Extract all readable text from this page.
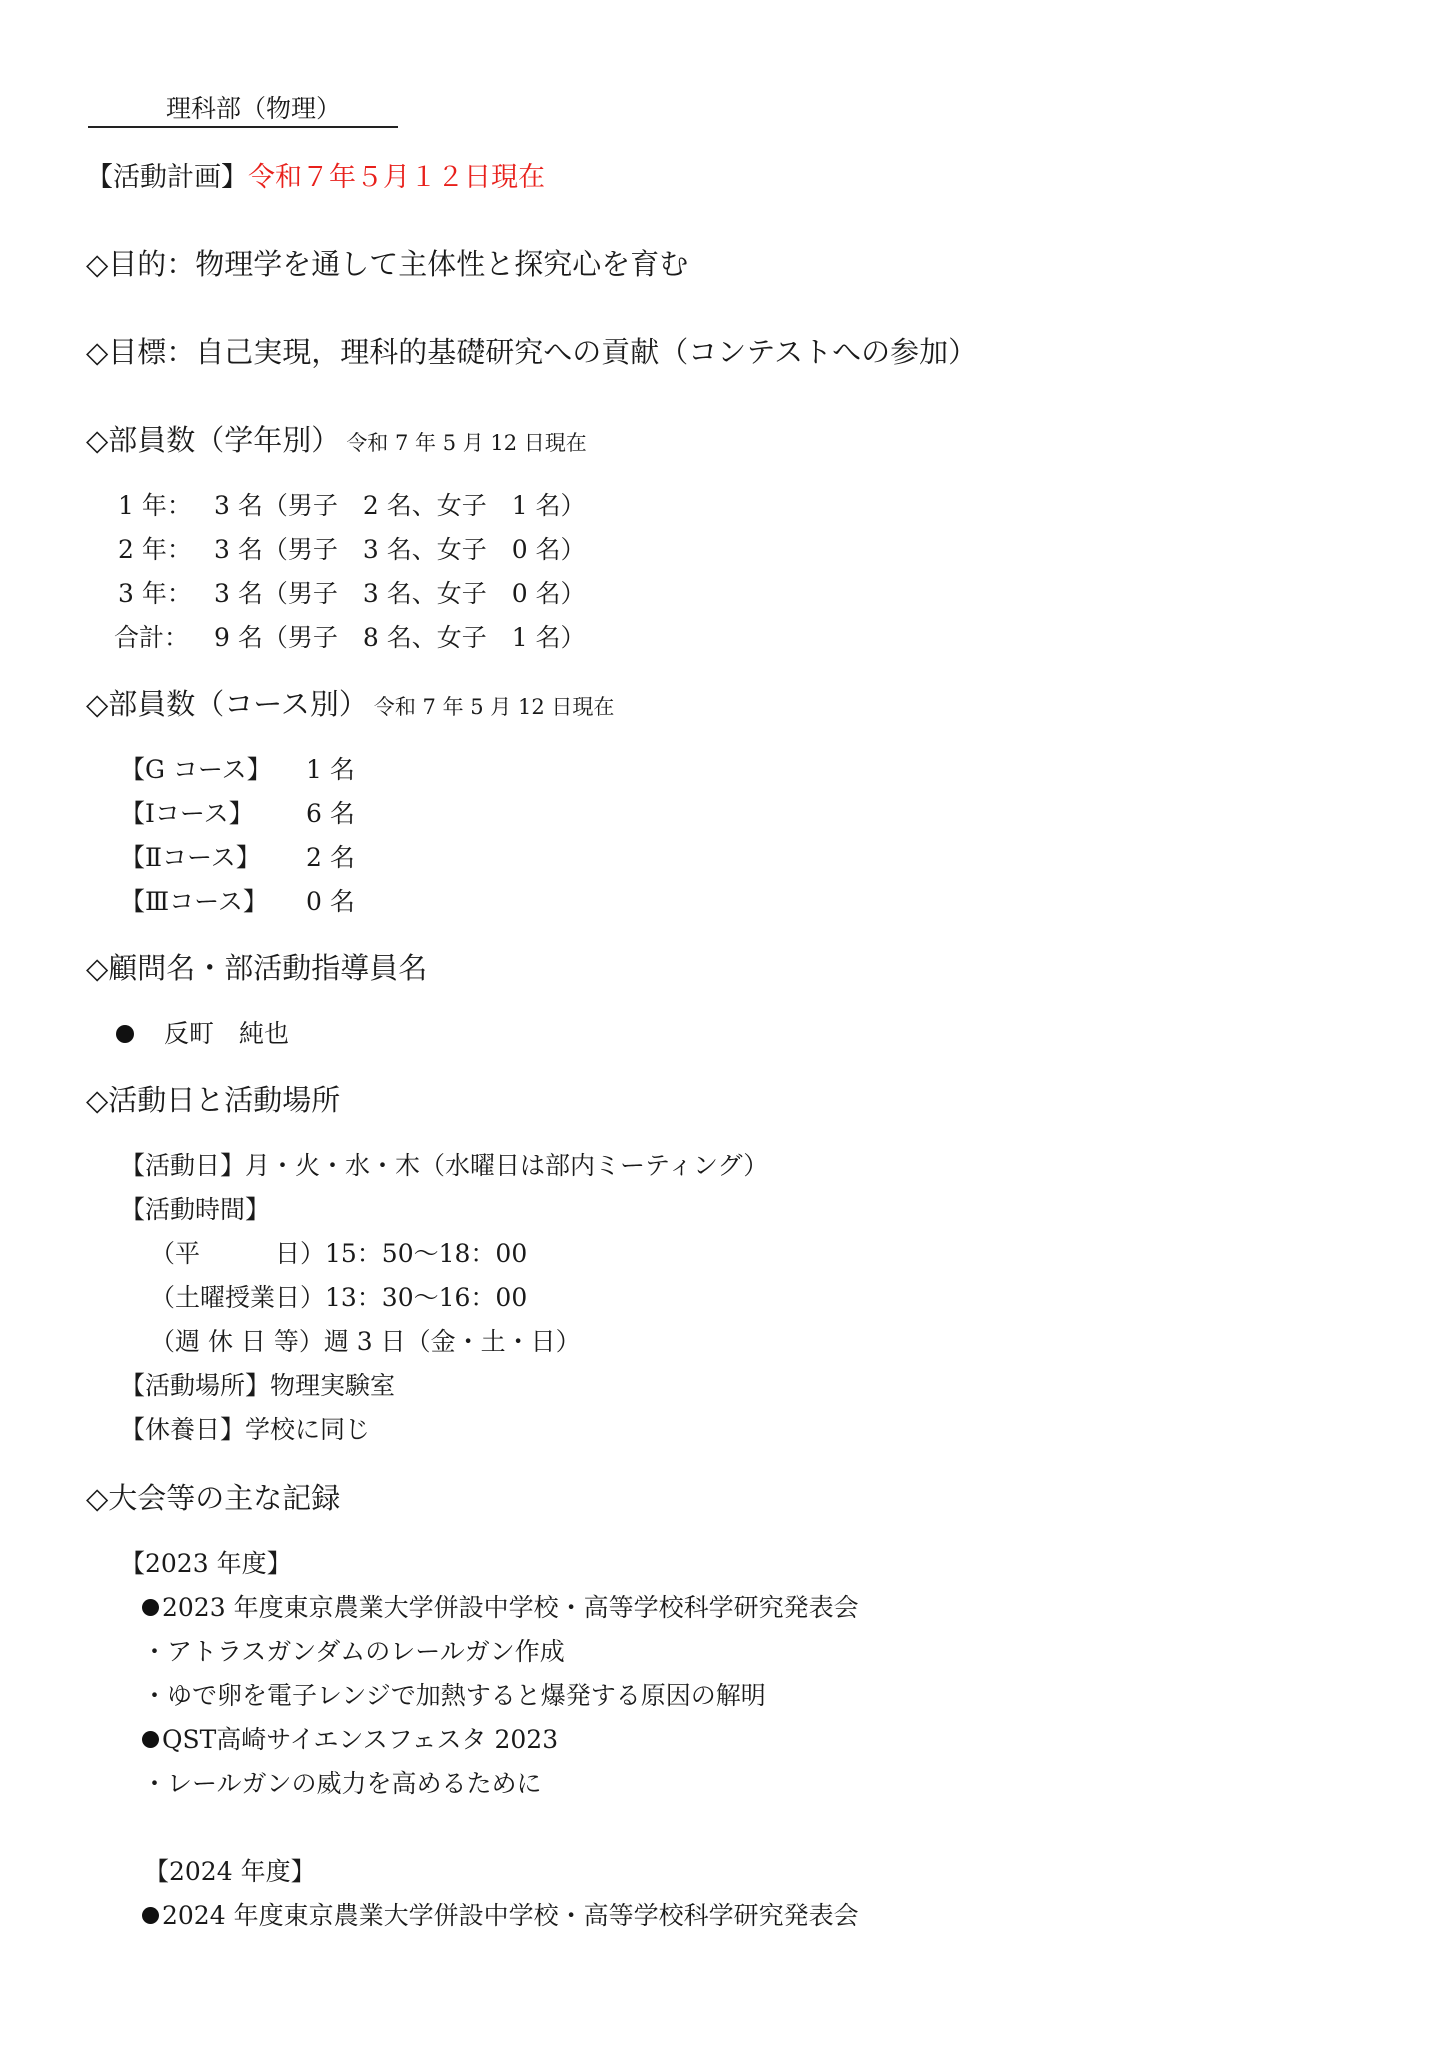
理科部（物理）
【活動計画】令和７年５月１２日現在
◇目的：物理学を通して主体性と探究心を育む
◇目標：自己実現，理科的基礎研究への貢献（コンテストへの参加）
◇部員数（学年別） 令和 7 年 5 月 12 日現在
1 年： 3 名（男子　2 名、女子　1 名）
2 年： 3 名（男子　3 名、女子　0 名）
3 年： 3 名（男子　3 名、女子　0 名）
合計： 9 名（男子　8 名、女子　1 名）
◇部員数（コース別） 令和 7 年 5 月 12 日現在
【G コース】 1 名
【Ⅰコース】 6 名
【Ⅱコース】 2 名
【Ⅲコース】 0 名
◇顧問名・部活動指導員名
反町　純也
◇活動日と活動場所
【活動日】月・火・水・木（水曜日は部内ミーティング）
【活動時間】
（平　　　日）15：50〜18：00
（土曜授業日）13：30〜16：00
（週 休 日 等）週 3 日（金・土・日）
【活動場所】物理実験室
【休養日】学校に同じ
◇大会等の主な記録
【2023 年度】
2023 年度東京農業大学併設中学校・高等学校科学研究発表会
・アトラスガンダムのレールガン作成
・ゆで卵を電子レンジで加熱すると爆発する原因の解明
QST高崎サイエンスフェスタ 2023
・レールガンの威力を高めるために
【2024 年度】
2024 年度東京農業大学併設中学校・高等学校科学研究発表会
